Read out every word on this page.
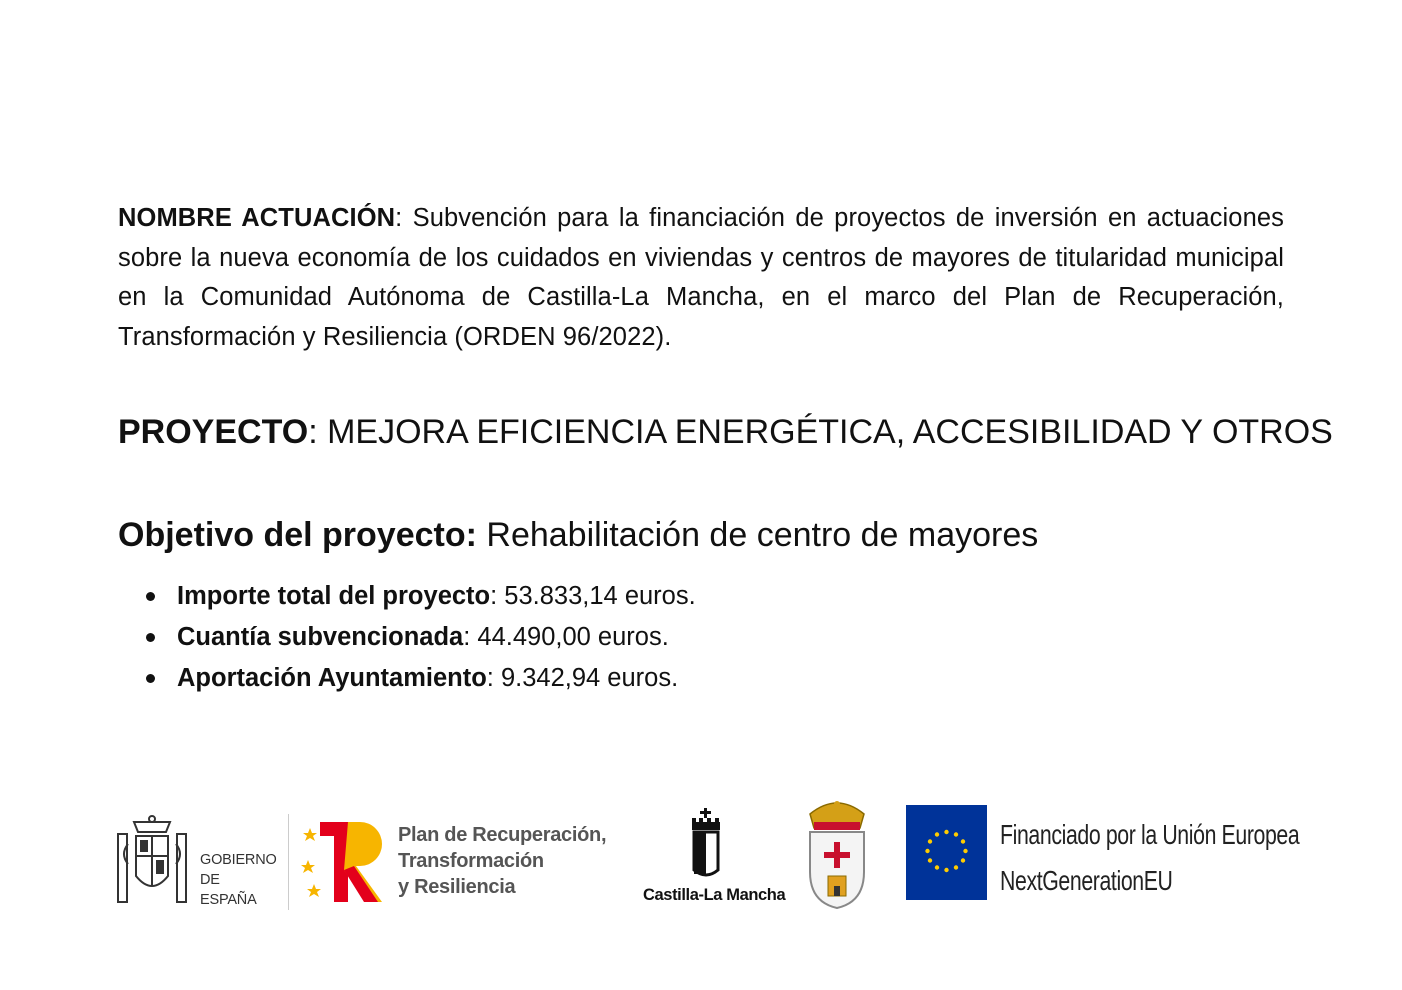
NOMBRE ACTUACIÓN: Subvención para la financiación de proyectos de inversión en actuaciones sobre la nueva economía de los cuidados en viviendas y centros de mayores de titularidad municipal en la Comunidad Autónoma de Castilla-La Mancha, en el marco del Plan de Recuperación, Transformación y Resiliencia (ORDEN 96/2022).

PROYECTO: MEJORA EFICIENCIA ENERGÉTICA, ACCESIBILIDAD Y OTROS
Objetivo del proyecto: Rehabilitación de centro de mayores
Importe total del proyecto : 53.833,14 euros.
Cuantía subvencionada : 44.490,00 euros.
Aportación Ayuntamiento : 9.342,94 euros.
GOBIERNO
DE ESPAÑA
Plan de Recuperación,
Transformación
y Resiliencia	Castilla-La Mancha
Financiado por la Unión Europea
NextGenerationEU
